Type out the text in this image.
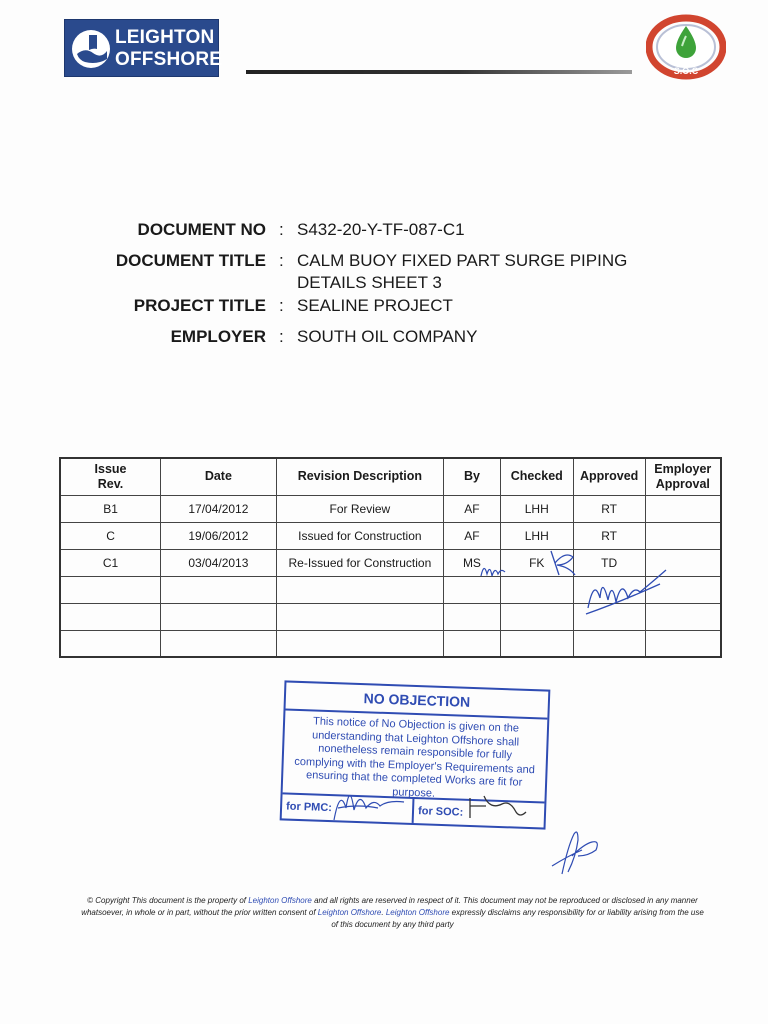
LEIGHTON
OFFSHORE
S.O.C
DOCUMENT NO : S432-20-Y-TF-087-C1
DOCUMENT TITLE : CALM BUOY FIXED PART SURGE PIPING
DETAILS SHEET 3
PROJECT TITLE : SEALINE PROJECT
EMPLOYER : SOUTH OIL COMPANY
Issue
Rev.	Date	Revision Description	By	Checked	Approved	Employer
Approval
B1	17/04/2012	For Review	AF	LHH	RT	
C	19/06/2012	Issued for Construction	AF	LHH	RT	
C1	03/04/2013	Re-Issued for Construction	MS	FK	TD	

NO OBJECTION
This notice of No Objection is given on the understanding that Leighton Offshore shall nonetheless remain responsible for fully complying with the Employer's Requirements and ensuring that the completed Works are fit for purpose.
for PMC:	for SOC:
© Copyright This document is the property of Leighton Offshore and all rights are reserved in respect of it. This document may not be reproduced or disclosed in any manner whatsoever, in whole or in part, without the prior written consent of Leighton Offshore. Leighton Offshore expressly disclaims any responsibility for or liability arising from the use of this document by any third party
